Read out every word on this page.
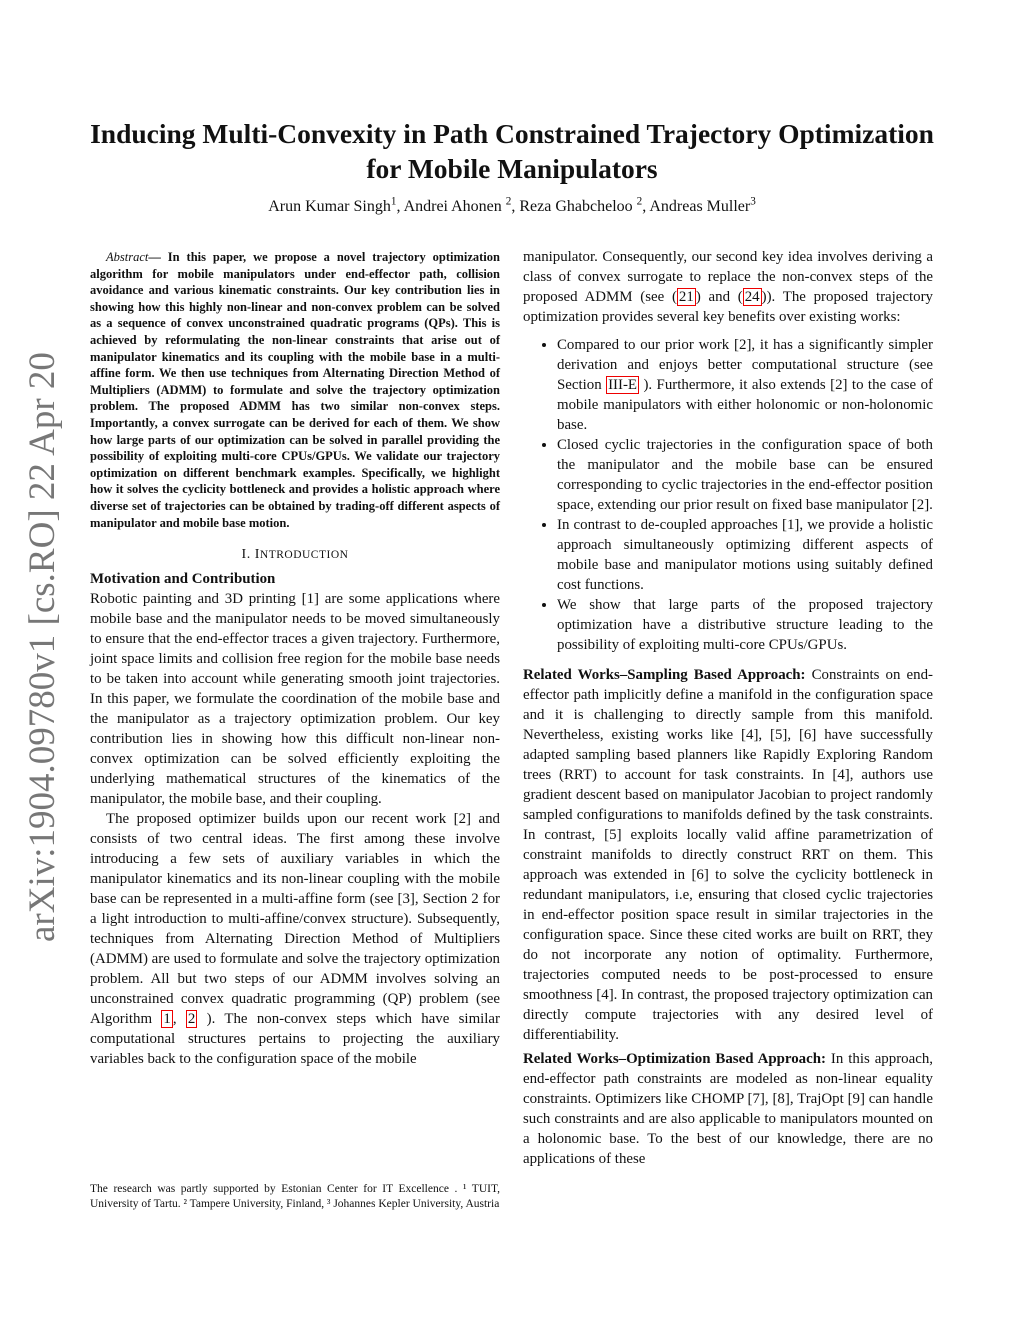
arXiv:1904.09780v1 [cs.RO] 22 Apr 2019
Inducing Multi-Convexity in Path Constrained Trajectory Optimization
for Mobile Manipulators
Arun Kumar Singh$^1$, Andrei Ahonen $^2$, Reza Ghabcheloo $^2$, Andreas Muller$^3$

Abstract— In this paper, we propose a novel trajectory optimization algorithm for mobile manipulators under end-effector path, collision avoidance and various kinematic constraints. Our key contribution lies in showing how this highly non-linear and non-convex problem can be solved as a sequence of convex unconstrained quadratic programs (QPs). This is achieved by reformulating the non-linear constraints that arise out of manipulator kinematics and its coupling with the mobile base in a multi-affine form. We then use techniques from Alternating Direction Method of Multipliers (ADMM) to formulate and solve the trajectory optimization problem. The proposed ADMM has two similar non-convex steps. Importantly, a convex surrogate can be derived for each of them. We show how large parts of our optimization can be solved in parallel providing the possibility of exploiting multi-core CPUs/GPUs. We validate our trajectory optimization on different benchmark examples. Specifically, we highlight how it solves the cyclicity bottleneck and provides a holistic approach where diverse set of trajectories can be obtained by trading-off different aspects of manipulator and mobile base motion.

I. INTRODUCTION

Motivation and Contribution

Robotic painting and 3D printing [1] are some applications where mobile base and the manipulator needs to be moved simultaneously to ensure that the end-effector traces a given trajectory. Furthermore, joint space limits and collision free region for the mobile base needs to be taken into account while generating smooth joint trajectories. In this paper, we formulate the coordination of the mobile base and the manipulator as a trajectory optimization problem. Our key contribution lies in showing how this difficult non-linear non-convex optimization can be solved efficiently exploiting the underlying mathematical structures of the kinematics of the manipulator, the mobile base, and their coupling.

The proposed optimizer builds upon our recent work [2] and consists of two central ideas. The first among these involve introducing a few sets of auxiliary variables in which the manipulator kinematics and its non-linear coupling with the mobile base can be represented in a multi-affine form (see [3], Section 2 for a light introduction to multi-affine/convex structure). Subsequently, techniques from Alternating Direction Method of Multipliers (ADMM) are used to formulate and solve the trajectory optimization problem. All but two steps of our ADMM involves solving an unconstrained convex quadratic programming (QP) problem (see Algorithm 1 , 2 ). The non-convex steps which have similar computational structures pertains to projecting the auxiliary variables back to the configuration space of the mobile

The research was partly supported by Estonian Center for IT Excellence . ¹ TUIT, University of Tartu. ² Tampere University, Finland, ³ Johannes Kepler University, Austria

manipulator. Consequently, our second key idea involves deriving a class of convex surrogate to replace the non-convex steps of the proposed ADMM (see ( 21 ) and ( 24 )). The proposed trajectory optimization provides several key benefits over existing works:

• Compared to our prior work [2], it has a significantly simpler derivation and enjoys better computational structure (see Section III-E ). Furthermore, it also extends [2] to the case of mobile manipulators with either holonomic or non-holonomic base.
• Closed cyclic trajectories in the configuration space of both the manipulator and the mobile base can be ensured corresponding to cyclic trajectories in the end-effector position space, extending our prior result on fixed base manipulator [2].
• In contrast to de-coupled approaches [1], we provide a holistic approach simultaneously optimizing different aspects of mobile base and manipulator motions using suitably defined cost functions.
• We show that large parts of the proposed trajectory optimization have a distributive structure leading to the possibility of exploiting multi-core CPUs/GPUs.

Related Works–Sampling Based Approach: Constraints on end-effector path implicitly define a manifold in the configuration space and it is challenging to directly sample from this manifold. Nevertheless, existing works like [4], [5], [6] have successfully adapted sampling based planners like Rapidly Exploring Random trees (RRT) to account for task constraints. In [4], authors use gradient descent based on manipulator Jacobian to project randomly sampled configurations to manifolds defined by the task constraints. In contrast, [5] exploits locally valid affine parametrization of constraint manifolds to directly construct RRT on them. This approach was extended in [6] to solve the cyclicity bottleneck in redundant manipulators, i.e, ensuring that closed cyclic trajectories in end-effector position space result in similar trajectories in the configuration space. Since these cited works are built on RRT, they do not incorporate any notion of optimality. Furthermore, trajectories computed needs to be post-processed to ensure smoothness [4]. In contrast, the proposed trajectory optimization can directly compute trajectories with any desired level of differentiability.

Related Works–Optimization Based Approach: In this approach, end-effector path constraints are modeled as non-linear equality constraints. Optimizers like CHOMP [7], [8], TrajOpt [9] can handle such constraints and are also applicable to manipulators mounted on a holonomic base. To the best of our knowledge, there are no applications of these
